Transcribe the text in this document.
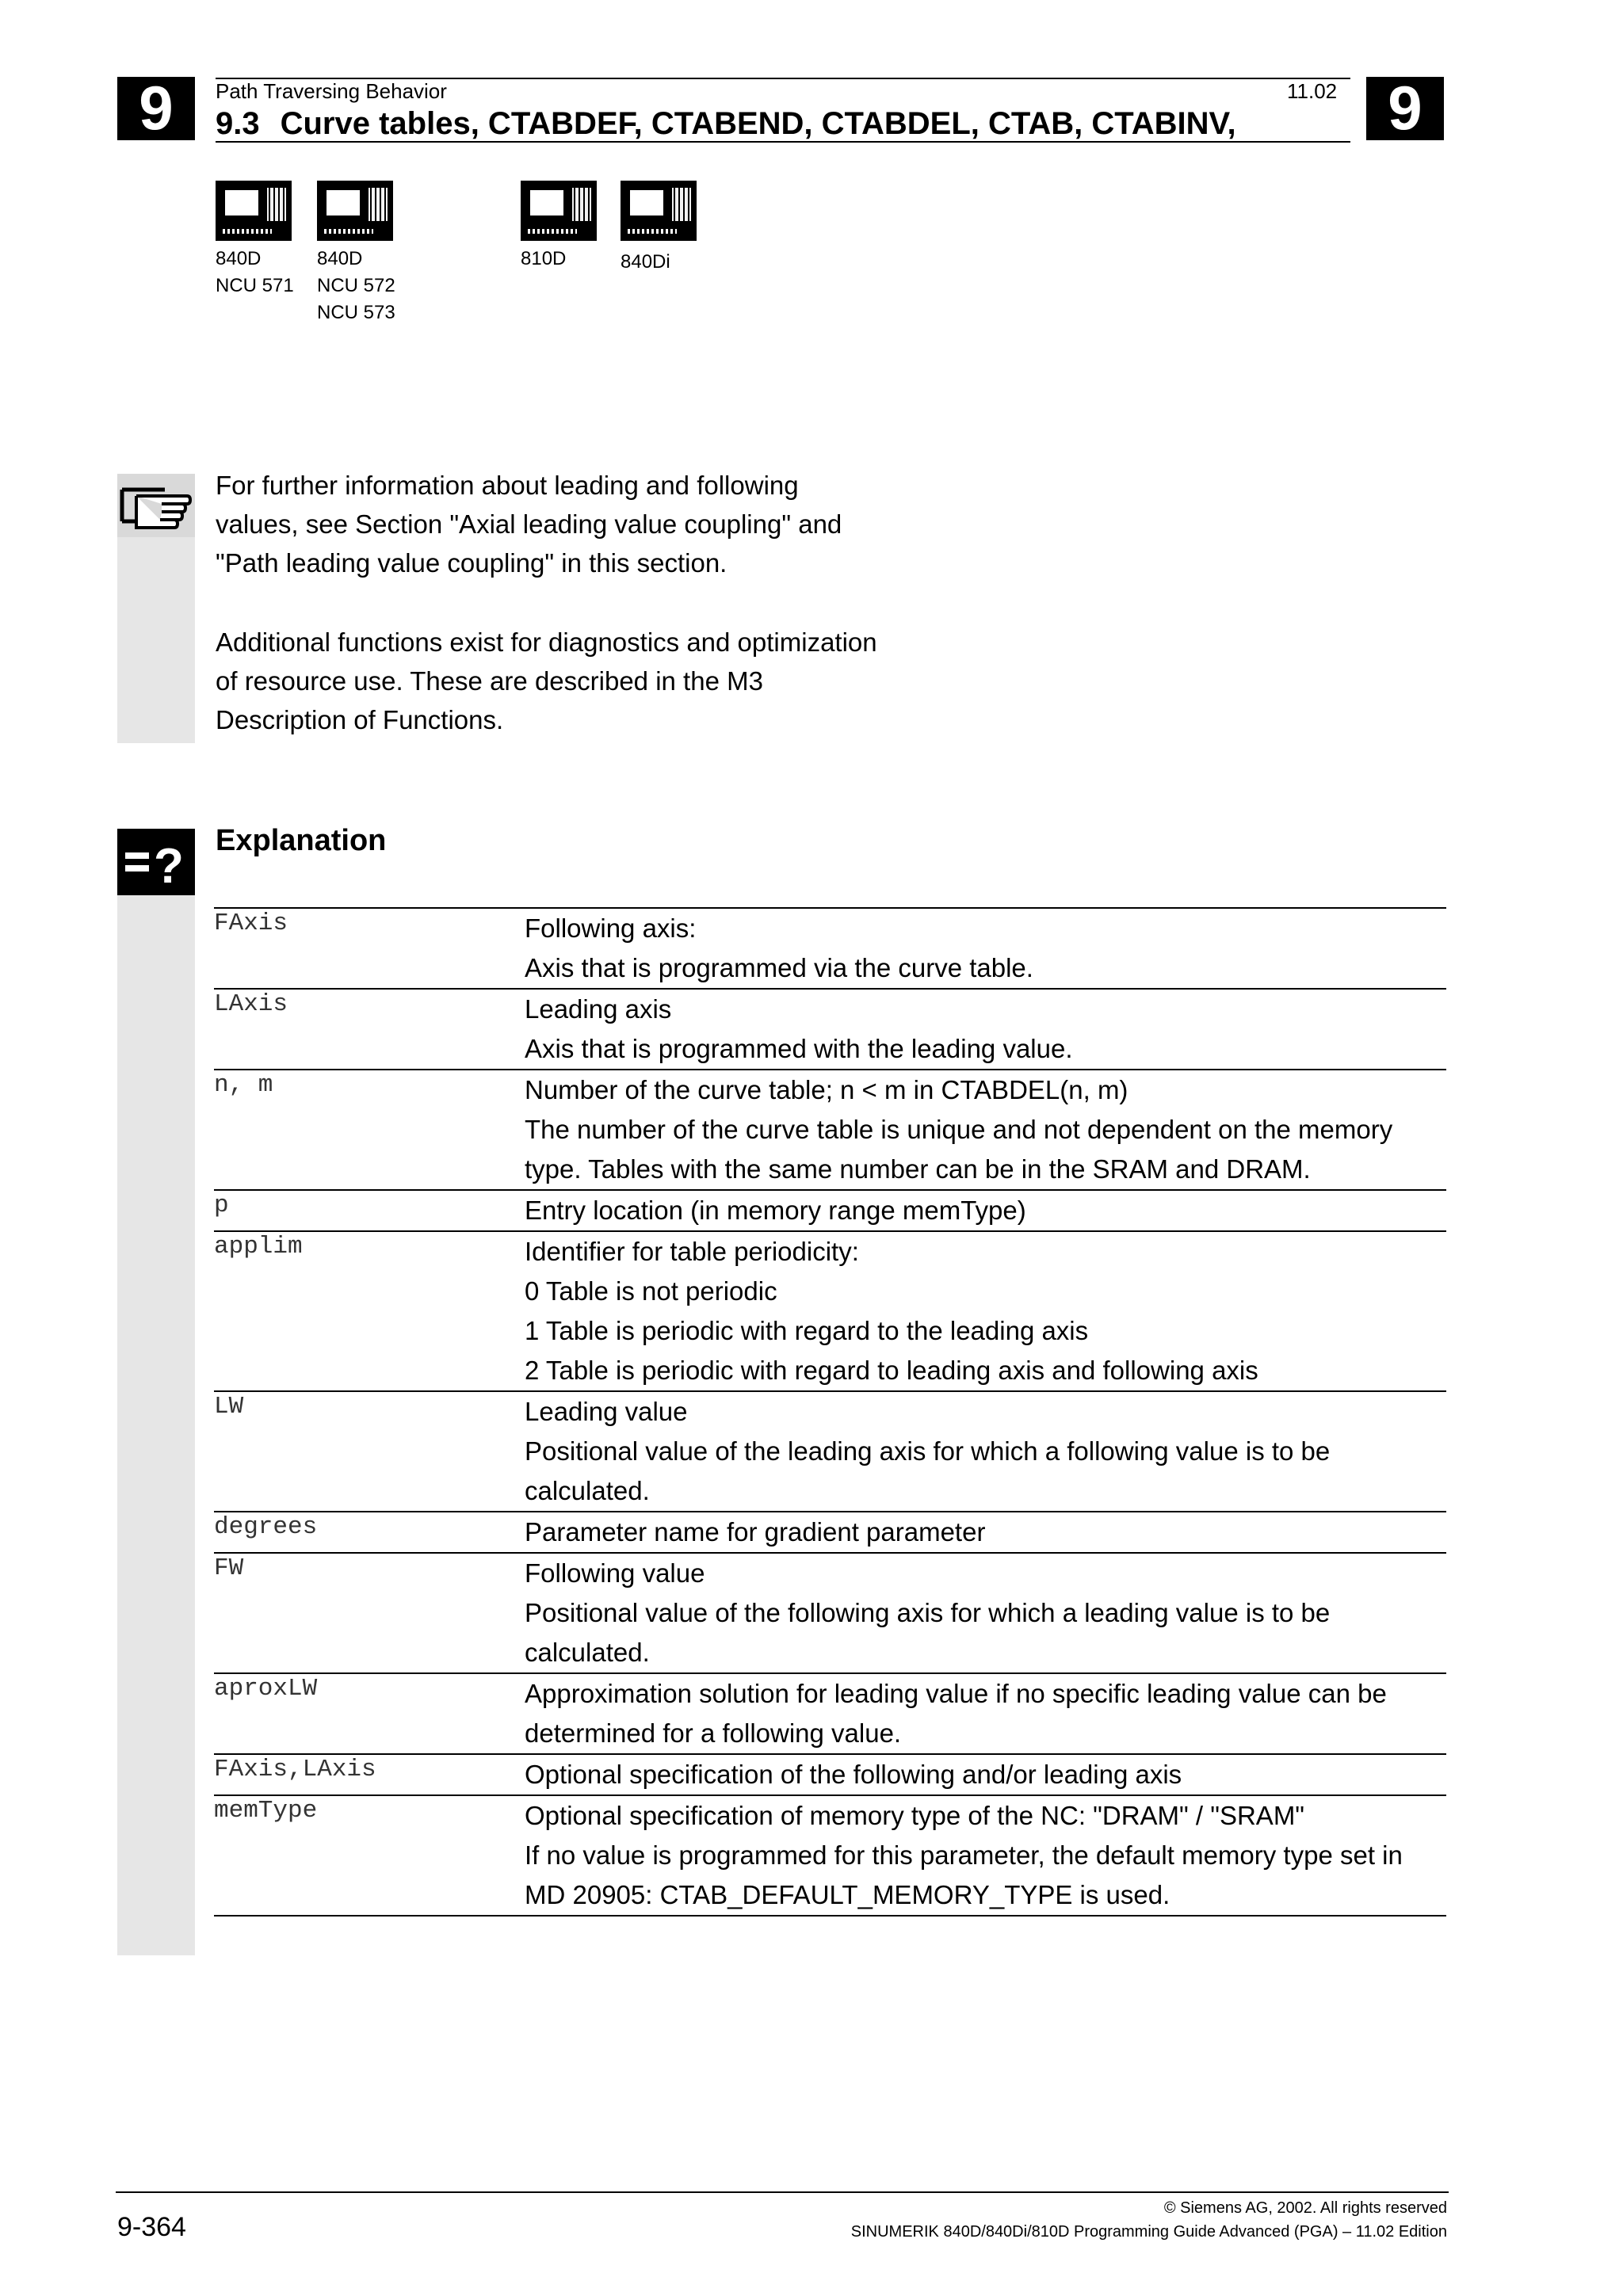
9	9
Path Traversing Behavior	11.02
9.3 Curve tables, CTABDEF, CTABEND, CTABDEL, CTAB, CTABINV,
840D
NCU 571
840D
NCU 572
NCU 573
810D	840Di
For further information about leading and following values, see Section "Axial leading value coupling" and "Path leading value coupling" in this section.
Additional functions exist for diagnostics and optimization of resource use. These are described in the M3 Description of Functions.
? Explanation
FAxis	Following axis:
Axis that is programmed via the curve table.

LAxis	Leading axis
Axis that is programmed with the leading value.

n, m	Number of the curve table; n < m in CTABDEL(n, m)
The number of the curve table is unique and not dependent on the memory type. Tables with the same number can be in the SRAM and DRAM.

p	Entry location (in memory range memType)

applim	Identifier for table periodicity:
0 Table is not periodic
1 Table is periodic with regard to the leading axis
2 Table is periodic with regard to leading axis and following axis

LW	Leading value
Positional value of the leading axis for which a following value is to be calculated.

degrees	Parameter name for gradient parameter

FW	Following value
Positional value of the following axis for which a leading value is to be calculated.

aproxLW	Approximation solution for leading value if no specific leading value can be determined for a following value.

FAxis,LAxis	Optional specification of the following and/or leading axis

memType	Optional specification of memory type of the NC: "DRAM" / "SRAM"
If no value is programmed for this parameter, the default memory type set in MD 20905: CTAB_DEFAULT_MEMORY_TYPE is used.
9-364
© Siemens AG, 2002. All rights reserved
SINUMERIK 840D/840Di/810D Programming Guide Advanced (PGA) – 11.02 Edition
